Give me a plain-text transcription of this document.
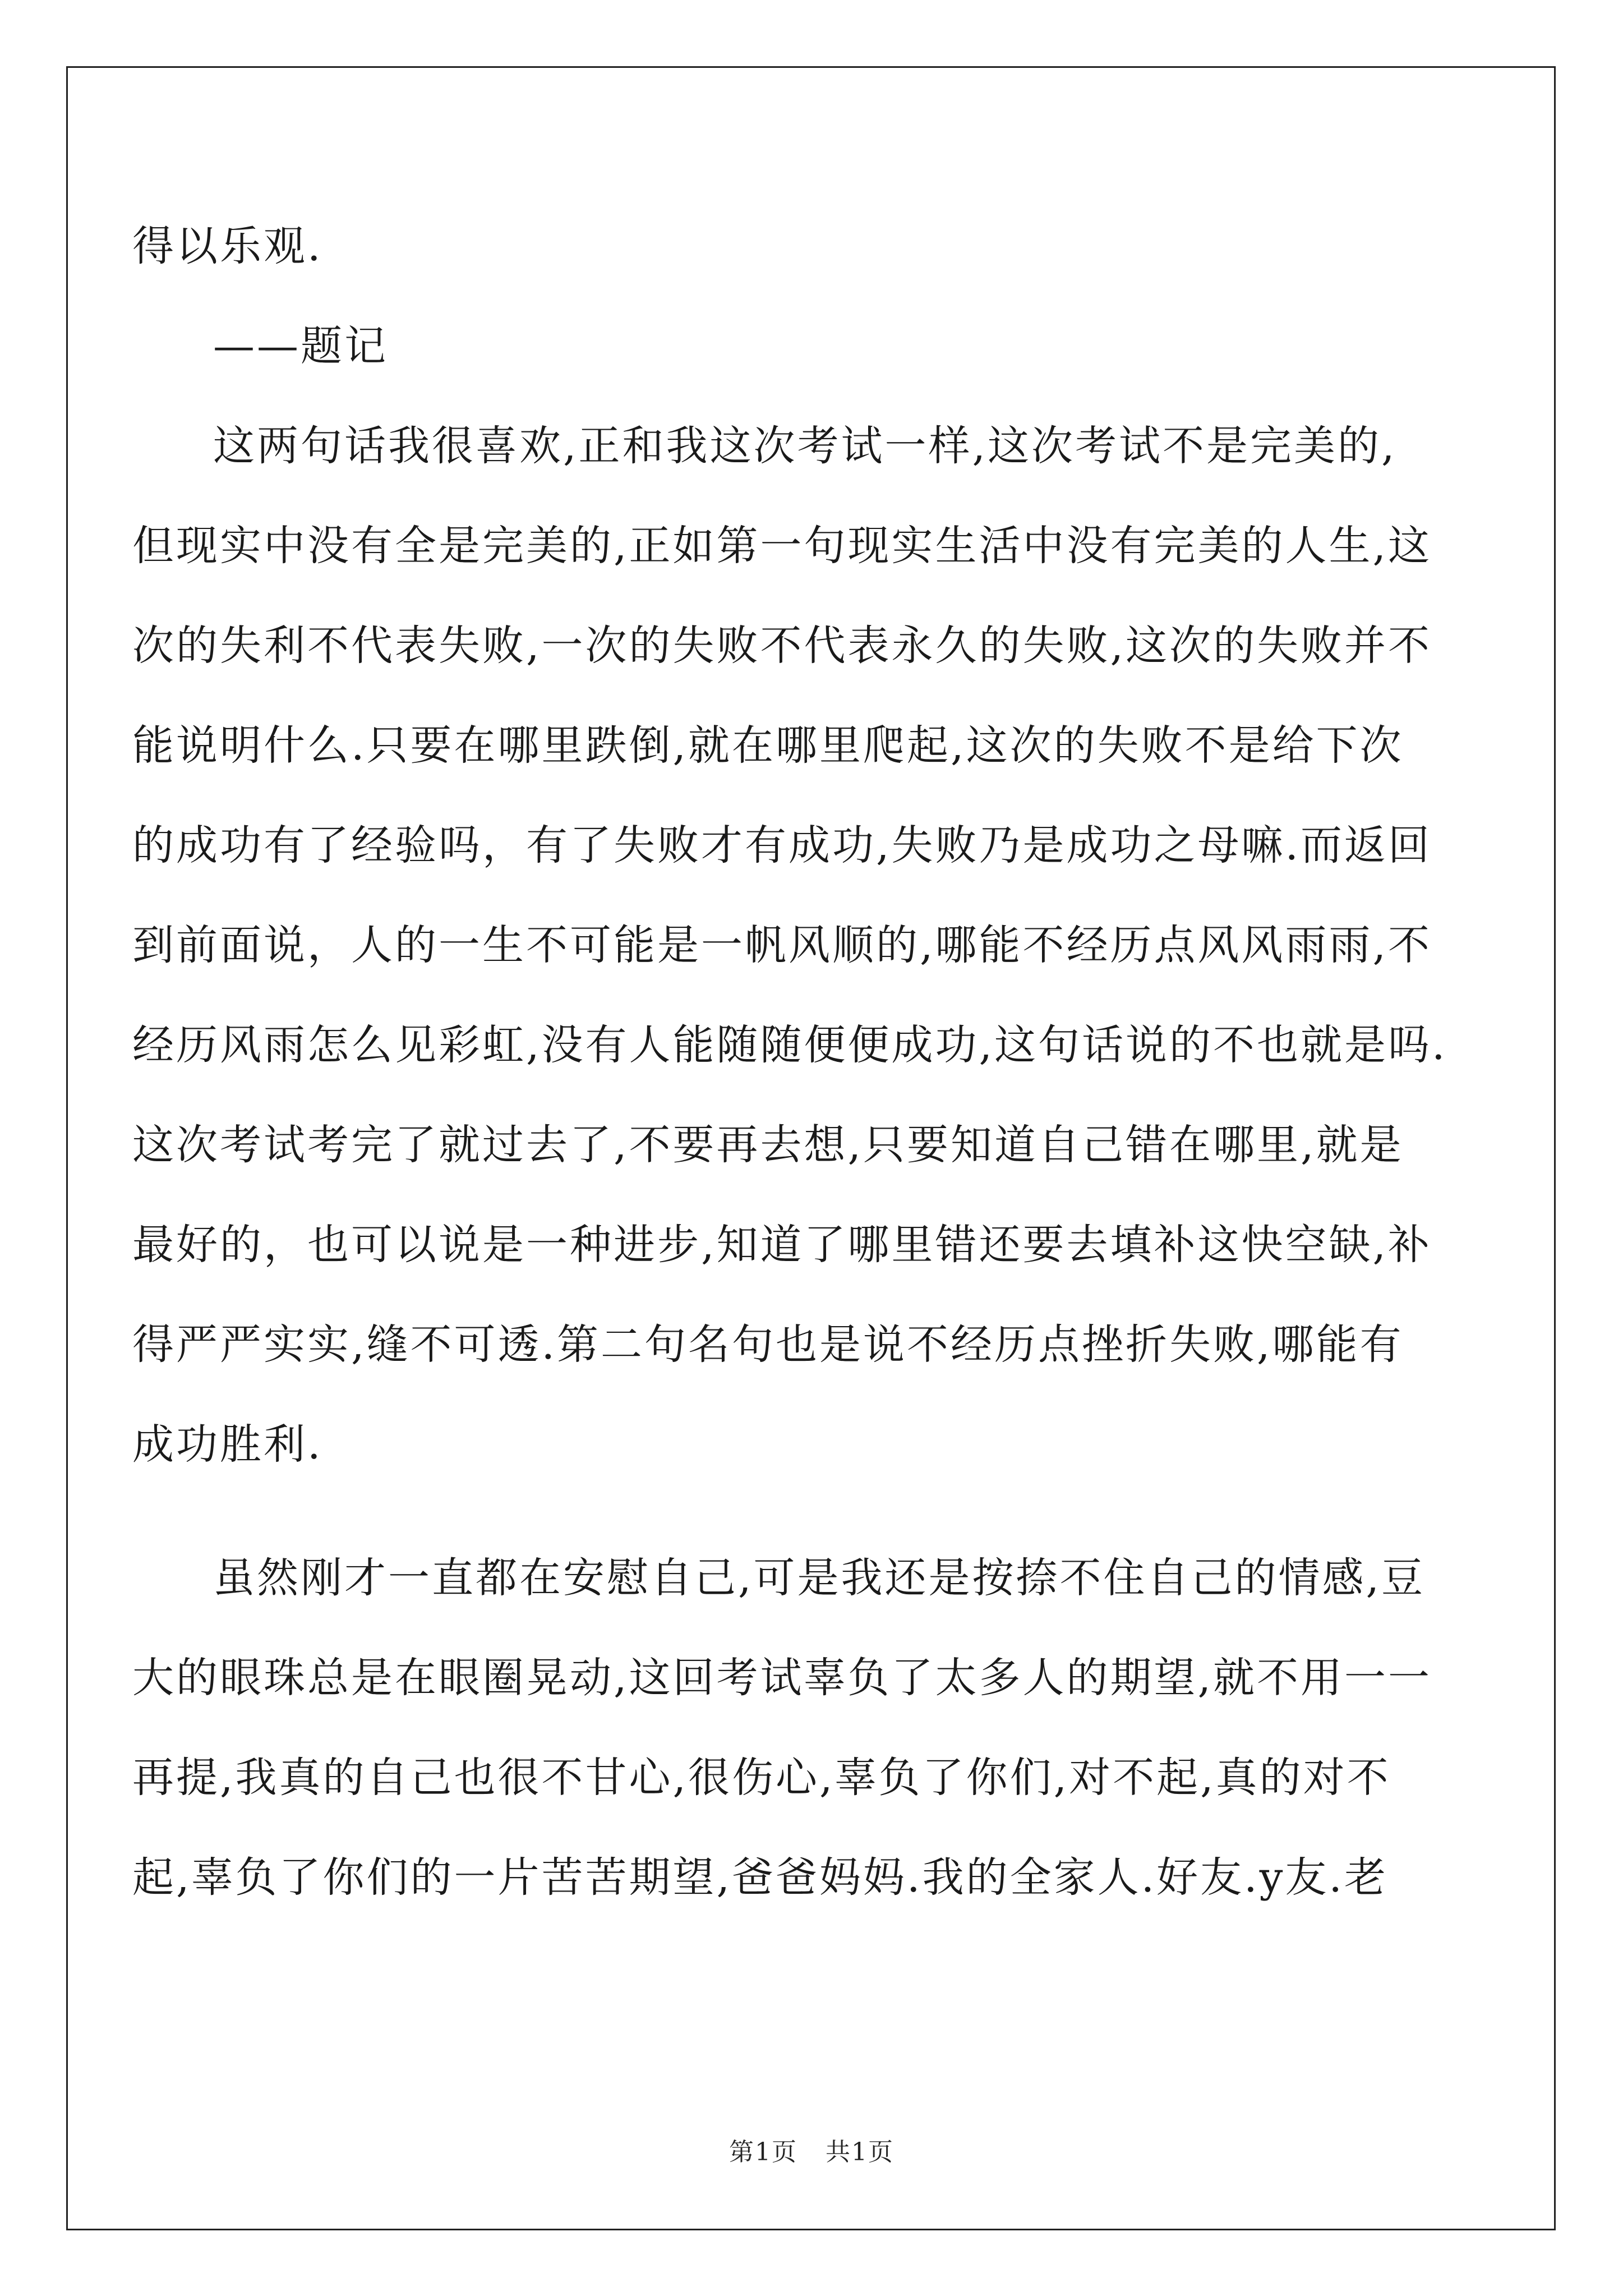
得以乐观.
——题记
这两句话我很喜欢,正和我这次考试一样,这次考试不是完美的,
但现实中没有全是完美的,正如第一句现实生活中没有完美的人生,这
次的失利不代表失败,一次的失败不代表永久的失败,这次的失败并不
能说明什么.只要在哪里跌倒,就在哪里爬起,这次的失败不是给下次
的成功有了经验吗，有了失败才有成功,失败乃是成功之母嘛.而返回
到前面说，人的一生不可能是一帆风顺的,哪能不经历点风风雨雨,不
经历风雨怎么见彩虹,没有人能随随便便成功,这句话说的不也就是吗.
这次考试考完了就过去了,不要再去想,只要知道自己错在哪里,就是
最好的，也可以说是一种进步,知道了哪里错还要去填补这快空缺,补
得严严实实,缝不可透.第二句名句也是说不经历点挫折失败,哪能有
成功胜利.
虽然刚才一直都在安慰自己,可是我还是按捺不住自己的情感,豆
大的眼珠总是在眼圈晃动,这回考试辜负了太多人的期望,就不用一一
再提,我真的自己也很不甘心,很伤心,辜负了你们,对不起,真的对不
起,辜负了你们的一片苦苦期望,爸爸妈妈.我的全家人.好友.y友.老
第1页 共1页
